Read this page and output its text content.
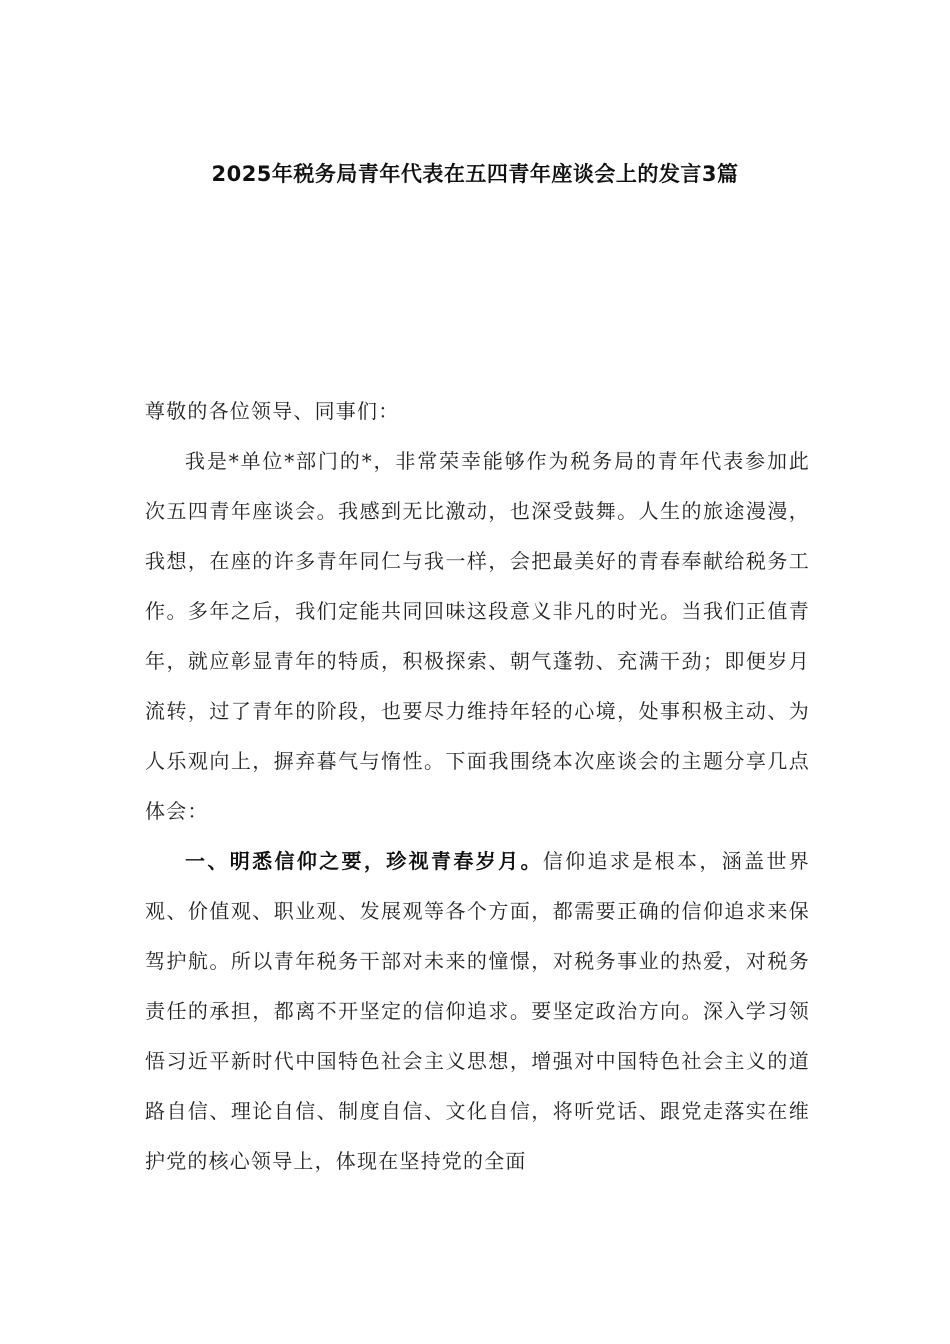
2025年税务局青年代表在五四青年座谈会上的发言3篇

尊敬的各位领导、同事们：

我是*单位*部门的*，非常荣幸能够作为税务局的青年代表参加此次五四青年座谈会。我感到无比激动，也深受鼓舞。人生的旅途漫漫，我想，在座的许多青年同仁与我一样，会把最美好的青春奉献给税务工作。多年之后，我们定能共同回味这段意义非凡的时光。当我们正值青年，就应彰显青年的特质，积极探索、朝气蓬勃、充满干劲；即便岁月流转，过了青年的阶段，也要尽力维持年轻的心境，处事积极主动、为人乐观向上，摒弃暮气与惰性。下面我围绕本次座谈会的主题分享几点体会：

一、明悉信仰之要，珍视青春岁月。信仰追求是根本，涵盖世界观、价值观、职业观、发展观等各个方面，都需要正确的信仰追求来保驾护航。所以青年税务干部对未来的憧憬，对税务事业的热爱，对税务责任的承担，都离不开坚定的信仰追求。要坚定政治方向。深入学习领悟习近平新时代中国特色社会主义思想，增强对中国特色社会主义的道路自信、理论自信、制度自信、文化自信，将听党话、跟党走落实在维护党的核心领导上，体现在坚持党的全面
